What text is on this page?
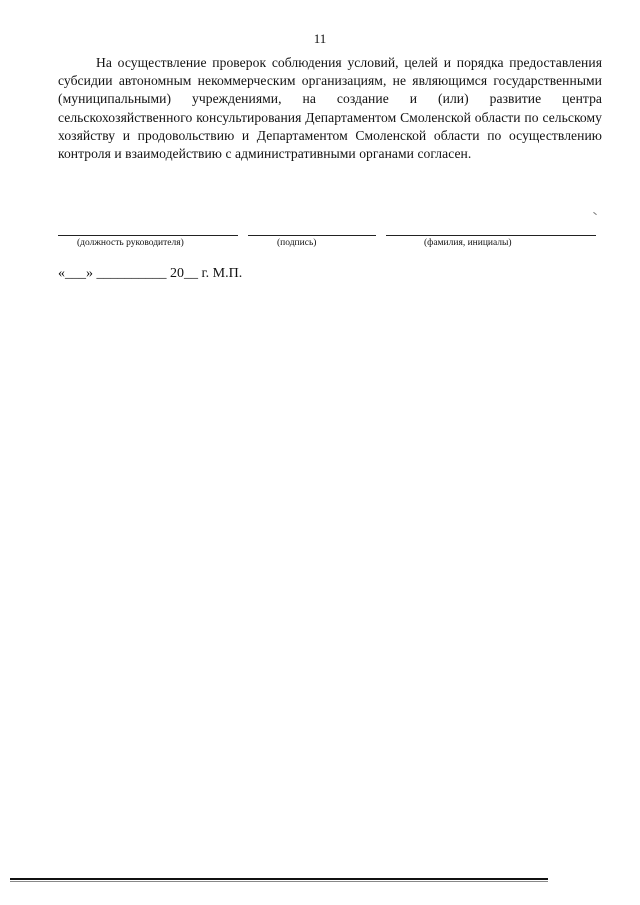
11

На осуществление проверок соблюдения условий, целей и порядка предоставления субсидии автономным некоммерческим организациям, не являющимся государственными (муниципальными) учреждениями, на создание и (или) развитие центра сельскохозяйственного консультирования Департаментом Смоленской области по сельскому хозяйству и продовольствию и Департаментом Смоленской области по осуществлению контроля и взаимодействию с административными органами согласен.

(должность руководителя)	(подпись)	(фамилия, инициалы)
«___» __________ 20__ г. М.П.
